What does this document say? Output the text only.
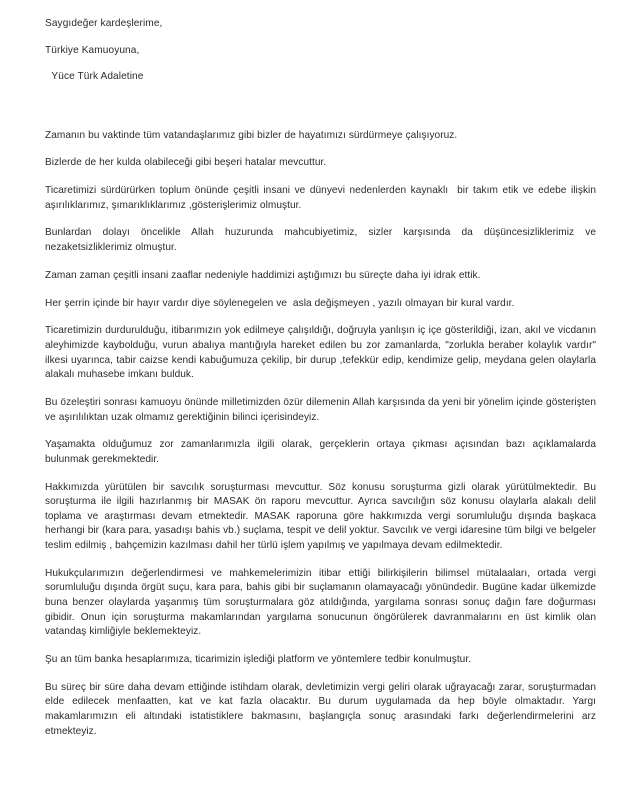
Saygıdeğer kardeşlerime,

Türkiye Kamuoyuna,

Yüce Türk Adaletine

Zamanın bu vaktinde tüm vatandaşlarımız gibi bizler de hayatımızı sürdürmeye çalışıyoruz.

Bizlerde de her kulda olabileceği gibi beşeri hatalar mevcuttur.

Ticaretimizi sürdürürken toplum önünde çeşitli insani ve dünyevi nedenlerden kaynaklı  bir takım etik ve edebe ilişkin aşırılıklarımız, şımarıklıklarımız ,gösterişlerimiz olmuştur.

Bunlardan dolayı öncelikle Allah huzurunda mahcubiyetimiz, sizler karşısında da düşüncesizliklerimiz ve nezaketsizliklerimiz olmuştur.

Zaman zaman çeşitli insani zaaflar nedeniyle haddimizi aştığımızı bu süreçte daha iyi idrak ettik.

Her şerrin içinde bir hayır vardır diye söylenegelen ve  asla değişmeyen , yazılı olmayan bir kural vardır.

Ticaretimizin durdurulduğu, itibarımızın yok edilmeye çalışıldığı, doğruyla yanlışın iç içe gösterildiği, izan, akıl ve vicdanın aleyhimizde kaybolduğu, vurun abalıya mantığıyla hareket edilen bu zor zamanlarda, "zorlukla beraber kolaylık vardır" ilkesi uyarınca, tabir caizse kendi kabuğumuza çekilip, bir durup ,tefekkür edip, kendimize gelip, meydana gelen olaylarla alakalı muhasebe imkanı bulduk.

Bu özeleştiri sonrası kamuoyu önünde milletimizden özür dilemenin Allah karşısında da yeni bir yönelim içinde gösterişten ve aşırılılıktan uzak olmamız gerektiğinin bilinci içerisindeyiz.

Yaşamakta olduğumuz zor zamanlarımızla ilgili olarak, gerçeklerin ortaya çıkması açısından bazı açıklamalarda bulunmak gerekmektedir.

Hakkımızda yürütülen bir savcılık soruşturması mevcuttur. Söz konusu soruşturma gizli olarak yürütülmektedir. Bu soruşturma ile ilgili hazırlanmış bir MASAK ön raporu mevcuttur. Ayrıca savcılığın söz konusu olaylarla alakalı delil toplama ve araştırması devam etmektedir. MASAK raporuna göre hakkımızda vergi sorumluluğu dışında başkaca herhangi bir (kara para, yasadışı bahis vb.) suçlama, tespit ve delil yoktur. Savcılık ve vergi idaresine tüm bilgi ve belgeler teslim edilmiş , bahçemizin kazılması dahil her türlü işlem yapılmış ve yapılmaya devam edilmektedir.

Hukukçularımızın değerlendirmesi ve mahkemelerimizin itibar ettiği bilirkişilerin bilimsel mütalaaları, ortada vergi sorumluluğu dışında örgüt suçu, kara para, bahis gibi bir suçlamanın olamayacağı yönündedir. Bugüne kadar ülkemizde buna benzer olaylarda yaşanmış tüm soruşturmalara göz atıldığında, yargılama sonrası sonuç dağın fare doğurması gibidir. Onun için soruşturma makamlarından yargılama sonucunun öngörülerek davranmalarını en üst kimlik olan vatandaş kimliğiyle beklemekteyiz.

Şu an tüm banka hesaplarımıza, ticarimizin işlediği platform ve yöntemlere tedbir konulmuştur.

Bu süreç bir süre daha devam ettiğinde istihdam olarak, devletimizin vergi geliri olarak uğrayacağı zarar, soruşturmadan elde edilecek menfaatten, kat ve kat fazla olacaktır. Bu durum uygulamada da hep böyle olmaktadır. Yargı makamlarımızın eli altındaki istatistiklere bakmasını, başlangıçla sonuç arasındaki farkı değerlendirmelerini arz etmekteyiz.
